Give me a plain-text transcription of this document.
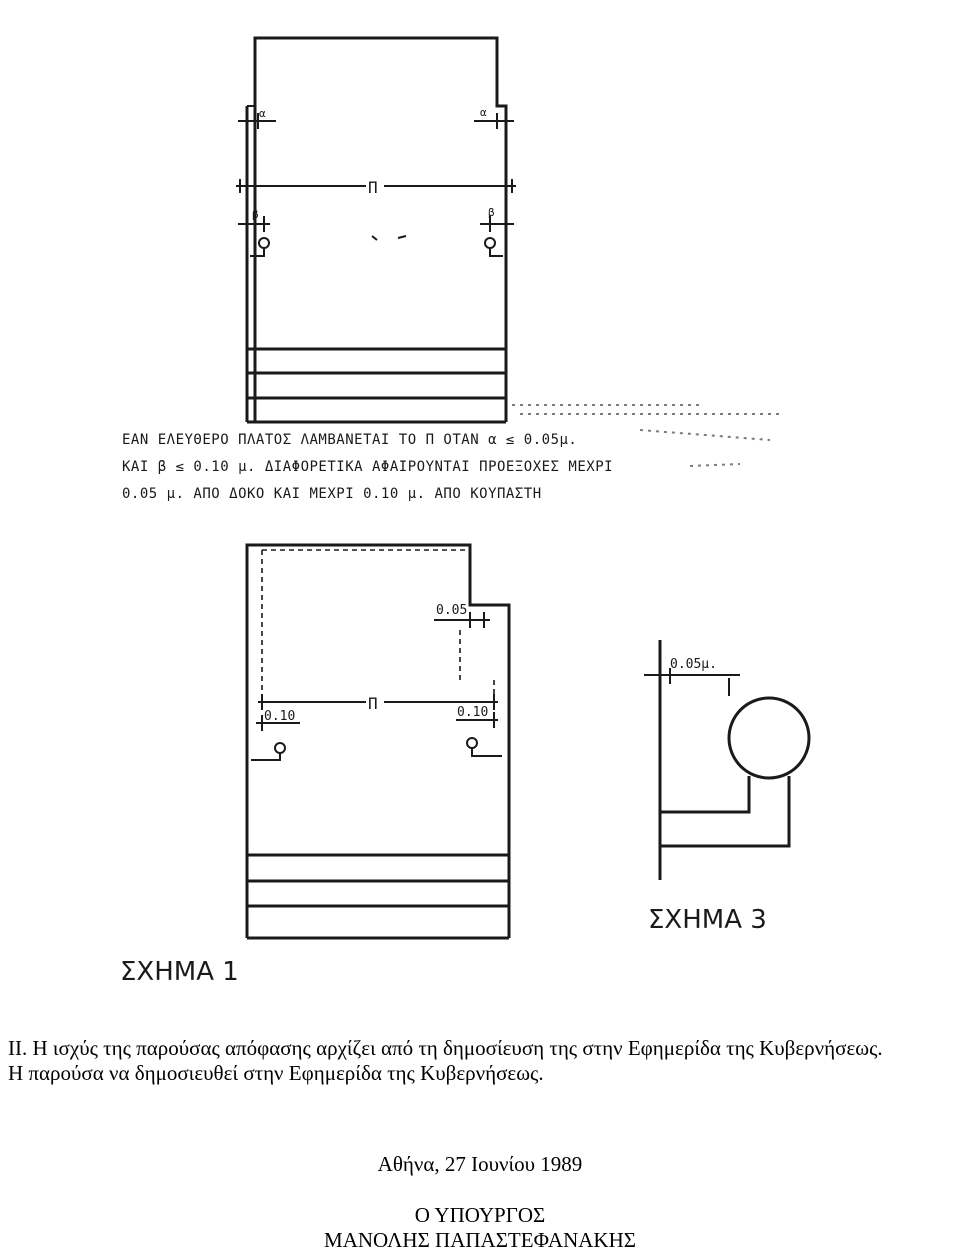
α	α
β	β
Π
ΕΑΝ ΕΛΕΥΘΕΡΟ ΠΛΑΤΟΣ ΛΑΜΒΑΝΕΤΑΙ ΤΟ Π ΟΤΑΝ α ≤ 0.05μ.
ΚΑΙ β ≤ 0.10 μ. ΔΙΑΦΟΡΕΤΙΚΑ ΑΦΑΙΡΟΥΝΤΑΙ ΠΡΟΕΞΟΧΕΣ ΜΕΧΡΙ
0.05 μ. ΑΠΟ ΔΟΚΟ ΚΑΙ ΜΕΧΡΙ 0.10 μ. ΑΠΟ ΚΟΥΠΑΣΤΗ
0.05
0.10	0.10
Π
0.05μ.
ΣΧΗΜΑ 1
ΣΧΗΜΑ 3

ΙΙ. Η ισχύς της παρούσας απόφασης αρχίζει από τη δημοσίευση της στην Εφημερίδα της Κυβερνήσεως.

Η παρούσα να δημοσιευθεί στην Εφημερίδα της Κυβερνήσεως.

Αθήνα, 27 Ιουνίου 1989
Ο ΥΠΟΥΡΓΟΣ
ΜΑΝΟΛΗΣ ΠΑΠΑΣΤΕΦΑΝΑΚΗΣ
